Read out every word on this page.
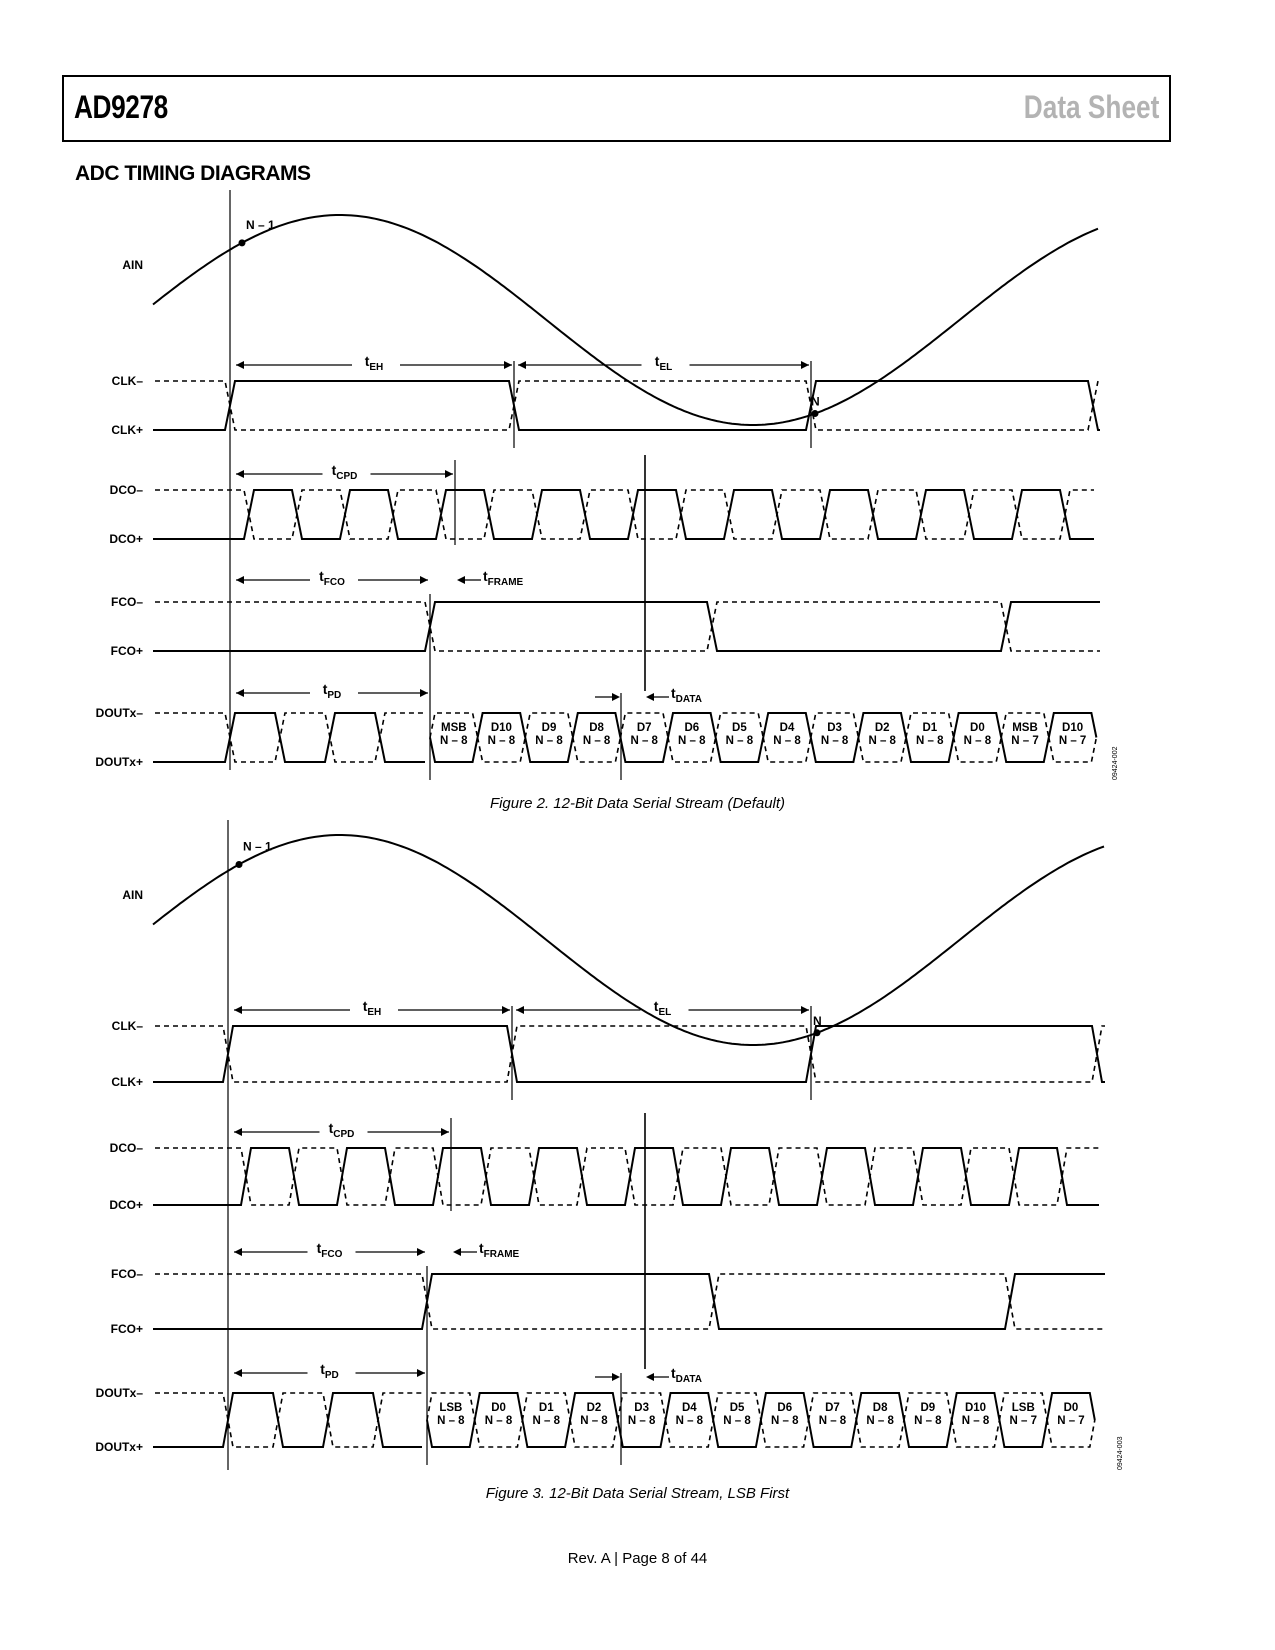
AD9278	Data Sheet
ADC TIMING DIAGRAMS
AIN
N – 1
N
CLK–
CLK+
$t_{EH}$	$t_{EL}$
DCO–
DCO+
$t_{CPD}$
FCO–
FCO+
$t_{FCO}$	$t_{FRAME}$
DOUTx–
DOUTx+
MSB
N – 8
D10
N – 8
D9
N – 8
D8
N – 8
D7
N – 8
D6
N – 8
D5
N – 8
D4
N – 8
D3
N – 8
D2
N – 8
D1
N – 8
D0
N – 8
MSB
N – 7
D10
N – 7
$t_{PD}$	$t_{DATA}$
09424-002
Figure 2. 12-Bit Data Serial Stream (Default)
AIN
N – 1
N
CLK–
CLK+
$t_{EH}$	$t_{EL}$
DCO–
DCO+
$t_{CPD}$
FCO–
FCO+
$t_{FCO}$	$t_{FRAME}$
DOUTx–
DOUTx+
LSB
N – 8
D0
N – 8
D1
N – 8
D2
N – 8
D3
N – 8
D4
N – 8
D5
N – 8
D6
N – 8
D7
N – 8
D8
N – 8
D9
N – 8
D10
N – 8
LSB
N – 7
D0
N – 7
$t_{PD}$	$t_{DATA}$
09424-003
Figure 3. 12-Bit Data Serial Stream, LSB First
Rev. A | Page 8 of 44
